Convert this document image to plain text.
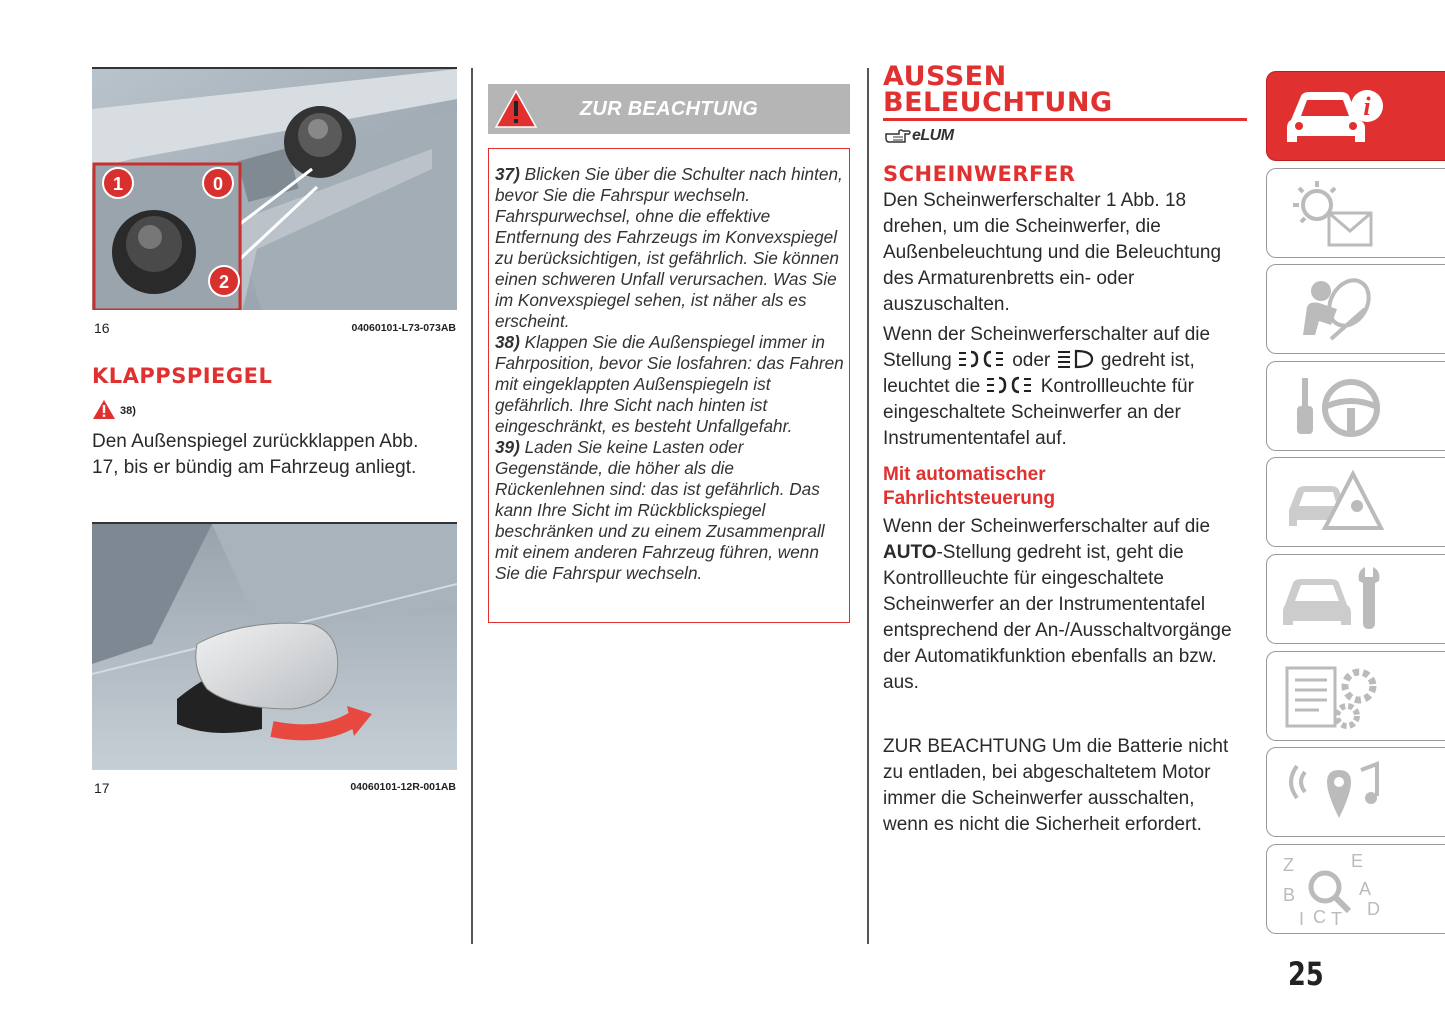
1	0
2
16	04060101-L73-073AB
KLAPPSPIEGEL
38)
Den Außenspiegel zurückklappen Abb. 17, bis er bündig am Fahrzeug anliegt.
17	04060101-12R-001AB
ZUR BEACHTUNG

37) Blicken Sie über die Schulter nach hinten, bevor Sie die Fahrspur wechseln. Fahrspurwechsel, ohne die effektive Entfernung des Fahrzeugs im Konvexspiegel zu berücksichtigen, ist gefährlich. Sie können einen schweren Unfall verursachen. Was Sie im Konvexspiegel sehen, ist näher als es erscheint.

38) Klappen Sie die Außenspiegel immer in Fahrposition, bevor Sie losfahren: das Fahren mit eingeklappten Außenspiegeln ist gefährlich. Ihre Sicht nach hinten ist eingeschränkt, es besteht Unfallgefahr.

39) Laden Sie keine Lasten oder Gegenstände, die höher als die Rückenlehnen sind: das ist gefährlich. Das kann Ihre Sicht im Rückblickspiegel beschränken und zu einem Zusammenprall mit einem anderen Fahrzeug führen, wenn Sie die Fahrspur wechseln.

AUSSEN
BELEUCHTUNG
eLUM
SCHEINWERFER
Den Scheinwerferschalter 1 Abb. 18 drehen, um die Scheinwerfer, die Außenbeleuchtung und die Beleuchtung des Armaturenbretts ein- oder auszuschalten.
Wenn der Scheinwerferschalter auf die Stellung	oder	gedreht ist, leuchtet die	Kontrollleuchte für eingeschaltete Scheinwerfer an der Instrumententafel auf.
Mit automatischer
Fahrlichtsteuerung
Wenn der Scheinwerferschalter auf die AUTO-Stellung gedreht ist, geht die Kontrollleuchte für eingeschaltete Scheinwerfer an der Instrumententafel entsprechend der An-/Ausschaltvorgänge der Automatikfunktion ebenfalls an bzw. aus.
ZUR BEACHTUNG Um die Batterie nicht zu entladen, bei abgeschaltetem Motor immer die Scheinwerfer ausschalten, wenn es nicht die Sicherheit erfordert.
i
Z	E
A
B
D
C T
I
25
